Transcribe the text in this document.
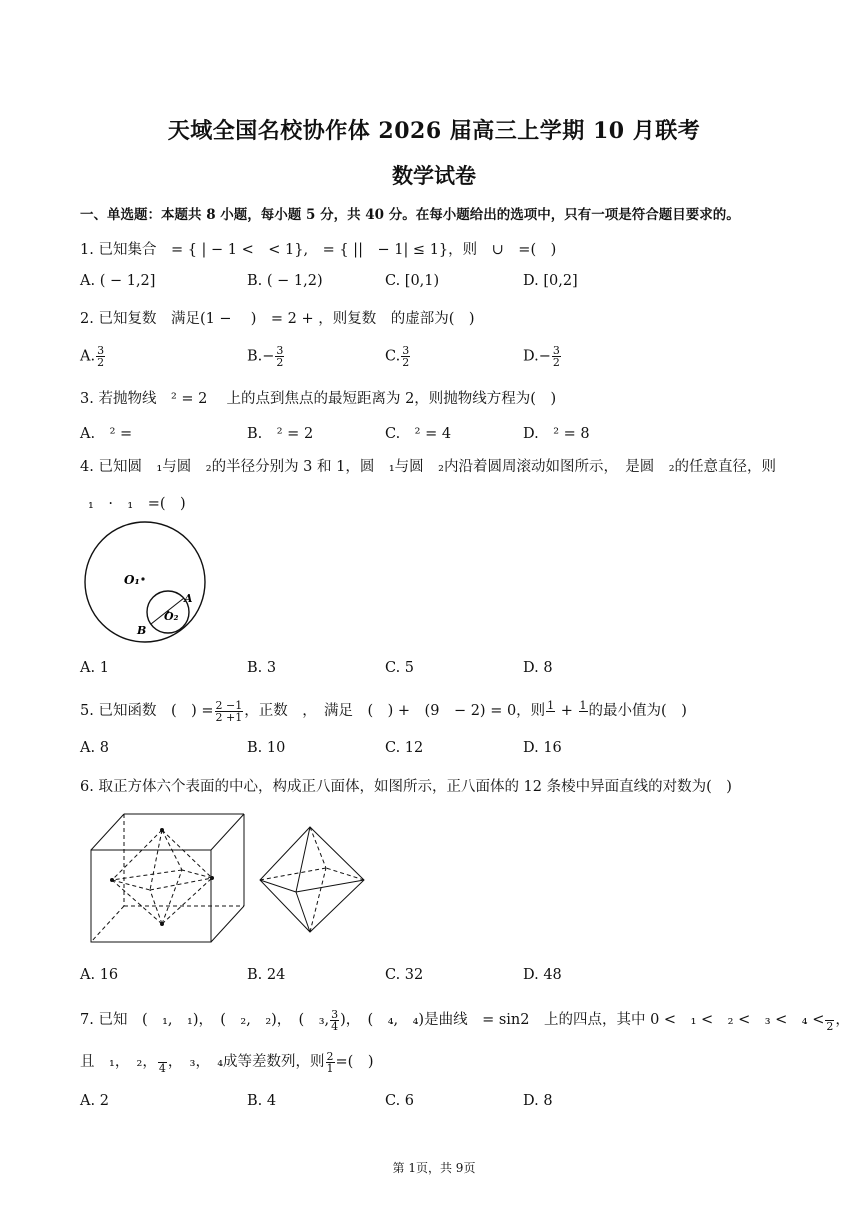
天域全国名校协作体 2026 届高三上学期 10 月联考
数学试卷
一、单选题：本题共 8 小题，每小题 5 分，共 40 分。在每小题给出的选项中，只有一项是符合题目要求的。
1. 已知集合　= { | − 1 <　< 1},　= { ||　− 1| ≤ 1}，则　∪　=(　)
A. ( − 1,2]	B. ( − 1,2)	C. [0,1)	D. [0,2]
2. 已知复数　满足(1 − 　)　= 2 + ，则复数　的虚部为(　)
A. $\frac{3}{2}$	$B.- \frac{3}{2}$	C. $\frac{3}{2}$	$D.- \frac{3}{2}$
3. 若抛物线　² = 2　 上的点到焦点的最短距离为 2，则抛物线方程为(　)
A.　² =	B.　² = 2	C.　² = 4	D.　² = 8
4. 已知圆　₁与圆　₂的半径分别为 3 和 1，圆　₁与圆　₂内沿着圆周滚动如图所示，　是圆　₂的任意直径，则
₁　·　₁　=(　)
O₁
O₂
A
B
A. 1	B. 3	C. 5	D. 8
5. 已知函数　(　) = $\frac{2 -1}{2 +1}$ ，正数　，　满足　(　) +　(9　− 2) = 0，则 1 + 1 的最小值为(　)
A. 8	B. 10	C. 12	D. 16
6. 取正方体六个表面的中心，构成正八面体，如图所示，正八面体的 12 条棱中异面直线的对数为(　)
A. 16	B. 24	C. 32	D. 48
7. 已知　(　₁,　₁)，　(　₂,　₂)，　(　₃, $\frac{3}{4}$ )，　(　₄,　₄)是曲线　= sin2　上的四点，其中 0 <　₁ <　₂ <　₃ <　₄ < 2 ，
且　₁，　₂， 4 ，　₃，　₄成等差数列，则 $\frac{2}{1}$ =(　)
A. 2	B. 4	C. 6	D. 8
第 1页，共 9页
